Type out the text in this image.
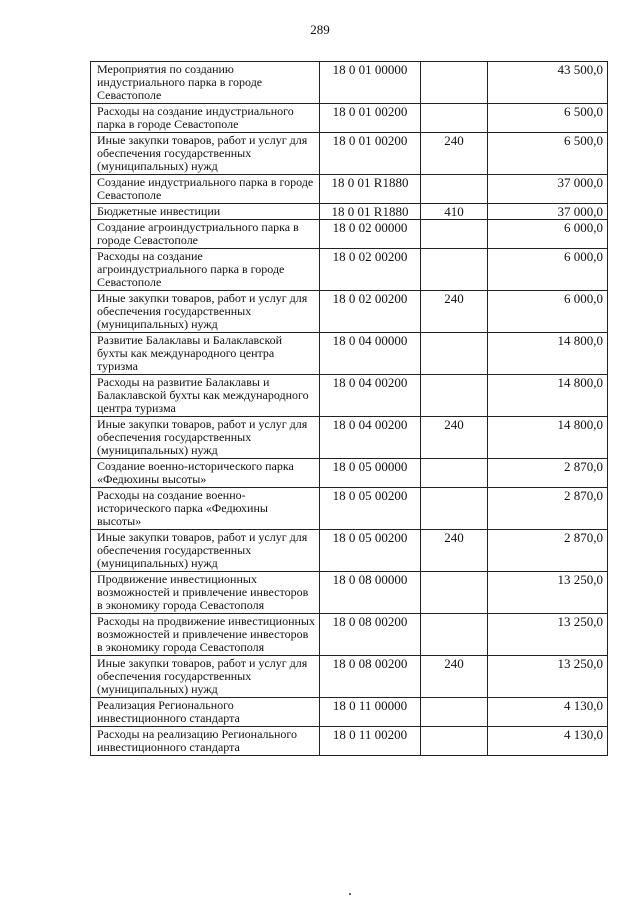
289
Мероприятия по созданию индустриального парка в городе Севастополе	18 0 01 00000		43 500,0
Расходы на создание индустриального парка в городе Севастополе	18 0 01 00200		6 500,0
Иные закупки товаров, работ и услуг для обеспечения государственных (муниципальных) нужд	18 0 01 00200	240	6 500,0
Создание индустриального парка в городе Севастополе	18 0 01 R1880		37 000,0
Бюджетные инвестиции	18 0 01 R1880	410	37 000,0
Создание агроиндустриального парка в городе Севастополе	18 0 02 00000		6 000,0
Расходы на создание агроиндустриального парка в городе Севастополе	18 0 02 00200		6 000,0
Иные закупки товаров, работ и услуг для обеспечения государственных (муниципальных) нужд	18 0 02 00200	240	6 000,0
Развитие Балаклавы и Балаклавской бухты как международного центра туризма	18 0 04 00000		14 800,0
Расходы на развитие Балаклавы и Балаклавской бухты как международного центра туризма	18 0 04 00200		14 800,0
Иные закупки товаров, работ и услуг для обеспечения государственных (муниципальных) нужд	18 0 04 00200	240	14 800,0
Создание военно-исторического парка «Федюхины высоты»	18 0 05 00000		2 870,0
Расходы на создание военно-исторического парка «Федюхины высоты»	18 0 05 00200		2 870,0
Иные закупки товаров, работ и услуг для обеспечения государственных (муниципальных) нужд	18 0 05 00200	240	2 870,0
Продвижение инвестиционных возможностей и привлечение инвесторов в экономику города Севастополя	18 0 08 00000		13 250,0
Расходы на продвижение инвестиционных возможностей и привлечение инвесторов в экономику города Севастополя	18 0 08 00200		13 250,0
Иные закупки товаров, работ и услуг для обеспечения государственных (муниципальных) нужд	18 0 08 00200	240	13 250,0
Реализация Регионального инвестиционного стандарта	18 0 11 00000		4 130,0
Расходы на реализацию Регионального инвестиционного стандарта	18 0 11 00200		4 130,0
